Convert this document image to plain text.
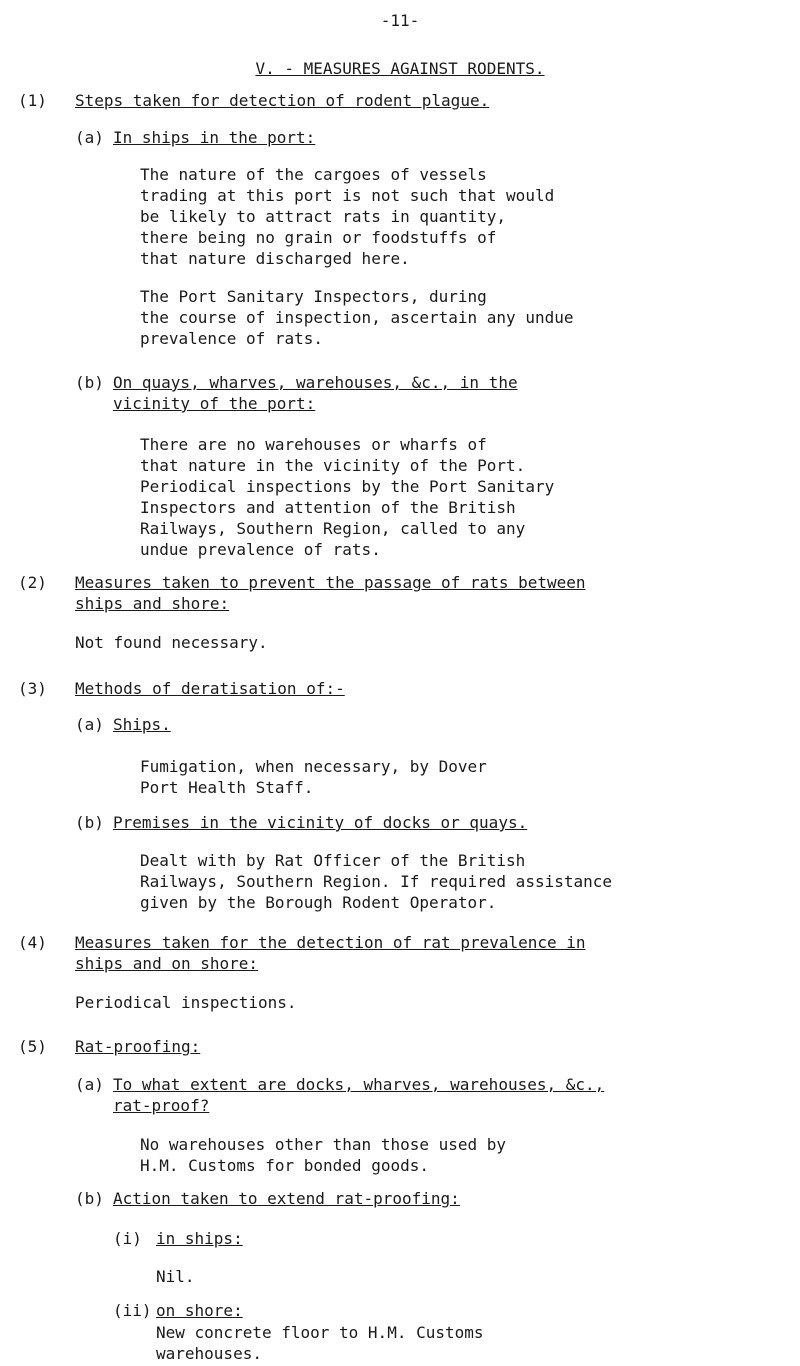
-11-
V. - MEASURES AGAINST RODENTS.
(1) Steps taken for detection of rodent plague.
(a) In ships in the port:
The nature of the cargoes of vessels
trading at this port is not such that would
be likely to attract rats in quantity,
there being no grain or foodstuffs of
that nature discharged here.
The Port Sanitary Inspectors, during
the course of inspection, ascertain any undue
prevalence of rats.
(b) On quays, wharves, warehouses, &c., in the
vicinity of the port:
There are no warehouses or wharfs of
that nature in the vicinity of the Port.
Periodical inspections by the Port Sanitary
Inspectors and attention of the British
Railways, Southern Region, called to any
undue prevalence of rats.
(2) Measures taken to prevent the passage of rats between
ships and shore:
Not found necessary.
(3) Methods of deratisation of:-
(a) Ships.
Fumigation, when necessary, by Dover
Port Health Staff.
(b) Premises in the vicinity of docks or quays.
Dealt with by Rat Officer of the British
Railways, Southern Region. If required assistance
given by the Borough Rodent Operator.
(4) Measures taken for the detection of rat prevalence in
ships and on shore:
Periodical inspections.
(5) Rat-proofing:
(a) To what extent are docks, wharves, warehouses, &c.,
rat-proof?
No warehouses other than those used by
H.M. Customs for bonded goods.
(b) Action taken to extend rat-proofing:
(i) in ships:
Nil.
(ii) on shore:
New concrete floor to H.M. Customs
warehouses.
